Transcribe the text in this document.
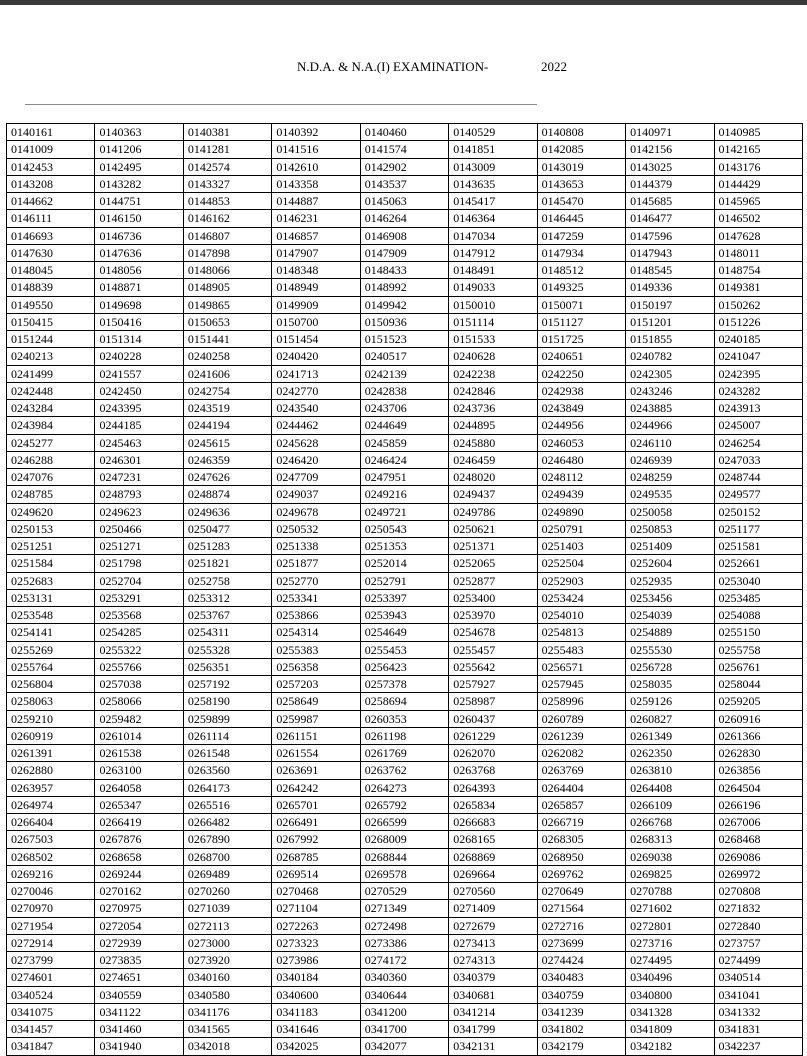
N.D.A. & N.A.(I) EXAMINATION-	2022
0140161	0140363	0140381	0140392	0140460	0140529	0140808	0140971	0140985
0141009	0141206	0141281	0141516	0141574	0141851	0142085	0142156	0142165
0142453	0142495	0142574	0142610	0142902	0143009	0143019	0143025	0143176
0143208	0143282	0143327	0143358	0143537	0143635	0143653	0144379	0144429
0144662	0144751	0144853	0144887	0145063	0145417	0145470	0145685	0145965
0146111	0146150	0146162	0146231	0146264	0146364	0146445	0146477	0146502
0146693	0146736	0146807	0146857	0146908	0147034	0147259	0147596	0147628
0147630	0147636	0147898	0147907	0147909	0147912	0147934	0147943	0148011
0148045	0148056	0148066	0148348	0148433	0148491	0148512	0148545	0148754
0148839	0148871	0148905	0148949	0148992	0149033	0149325	0149336	0149381
0149550	0149698	0149865	0149909	0149942	0150010	0150071	0150197	0150262
0150415	0150416	0150653	0150700	0150936	0151114	0151127	0151201	0151226
0151244	0151314	0151441	0151454	0151523	0151533	0151725	0151855	0240185
0240213	0240228	0240258	0240420	0240517	0240628	0240651	0240782	0241047
0241499	0241557	0241606	0241713	0242139	0242238	0242250	0242305	0242395
0242448	0242450	0242754	0242770	0242838	0242846	0242938	0243246	0243282
0243284	0243395	0243519	0243540	0243706	0243736	0243849	0243885	0243913
0243984	0244185	0244194	0244462	0244649	0244895	0244956	0244966	0245007
0245277	0245463	0245615	0245628	0245859	0245880	0246053	0246110	0246254
0246288	0246301	0246359	0246420	0246424	0246459	0246480	0246939	0247033
0247076	0247231	0247626	0247709	0247951	0248020	0248112	0248259	0248744
0248785	0248793	0248874	0249037	0249216	0249437	0249439	0249535	0249577
0249620	0249623	0249636	0249678	0249721	0249786	0249890	0250058	0250152
0250153	0250466	0250477	0250532	0250543	0250621	0250791	0250853	0251177
0251251	0251271	0251283	0251338	0251353	0251371	0251403	0251409	0251581
0251584	0251798	0251821	0251877	0252014	0252065	0252504	0252604	0252661
0252683	0252704	0252758	0252770	0252791	0252877	0252903	0252935	0253040
0253131	0253291	0253312	0253341	0253397	0253400	0253424	0253456	0253485
0253548	0253568	0253767	0253866	0253943	0253970	0254010	0254039	0254088
0254141	0254285	0254311	0254314	0254649	0254678	0254813	0254889	0255150
0255269	0255322	0255328	0255383	0255453	0255457	0255483	0255530	0255758
0255764	0255766	0256351	0256358	0256423	0255642	0256571	0256728	0256761
0256804	0257038	0257192	0257203	0257378	0257927	0257945	0258035	0258044
0258063	0258066	0258190	0258649	0258694	0258987	0258996	0259126	0259205
0259210	0259482	0259899	0259987	0260353	0260437	0260789	0260827	0260916
0260919	0261014	0261114	0261151	0261198	0261229	0261239	0261349	0261366
0261391	0261538	0261548	0261554	0261769	0262070	0262082	0262350	0262830
0262880	0263100	0263560	0263691	0263762	0263768	0263769	0263810	0263856
0263957	0264058	0264173	0264242	0264273	0264393	0264404	0264408	0264504
0264974	0265347	0265516	0265701	0265792	0265834	0265857	0266109	0266196
0266404	0266419	0266482	0266491	0266599	0266683	0266719	0266768	0267006
0267503	0267876	0267890	0267992	0268009	0268165	0268305	0268313	0268468
0268502	0268658	0268700	0268785	0268844	0268869	0268950	0269038	0269086
0269216	0269244	0269489	0269514	0269578	0269664	0269762	0269825	0269972
0270046	0270162	0270260	0270468	0270529	0270560	0270649	0270788	0270808
0270970	0270975	0271039	0271104	0271349	0271409	0271564	0271602	0271832
0271954	0272054	0272113	0272263	0272498	0272679	0272716	0272801	0272840
0272914	0272939	0273000	0273323	0273386	0273413	0273699	0273716	0273757
0273799	0273835	0273920	0273986	0274172	0274313	0274424	0274495	0274499
0274601	0274651	0340160	0340184	0340360	0340379	0340483	0340496	0340514
0340524	0340559	0340580	0340600	0340644	0340681	0340759	0340800	0341041
0341075	0341122	0341176	0341183	0341200	0341214	0341239	0341328	0341332
0341457	0341460	0341565	0341646	0341700	0341799	0341802	0341809	0341831
0341847	0341940	0342018	0342025	0342077	0342131	0342179	0342182	0342237
